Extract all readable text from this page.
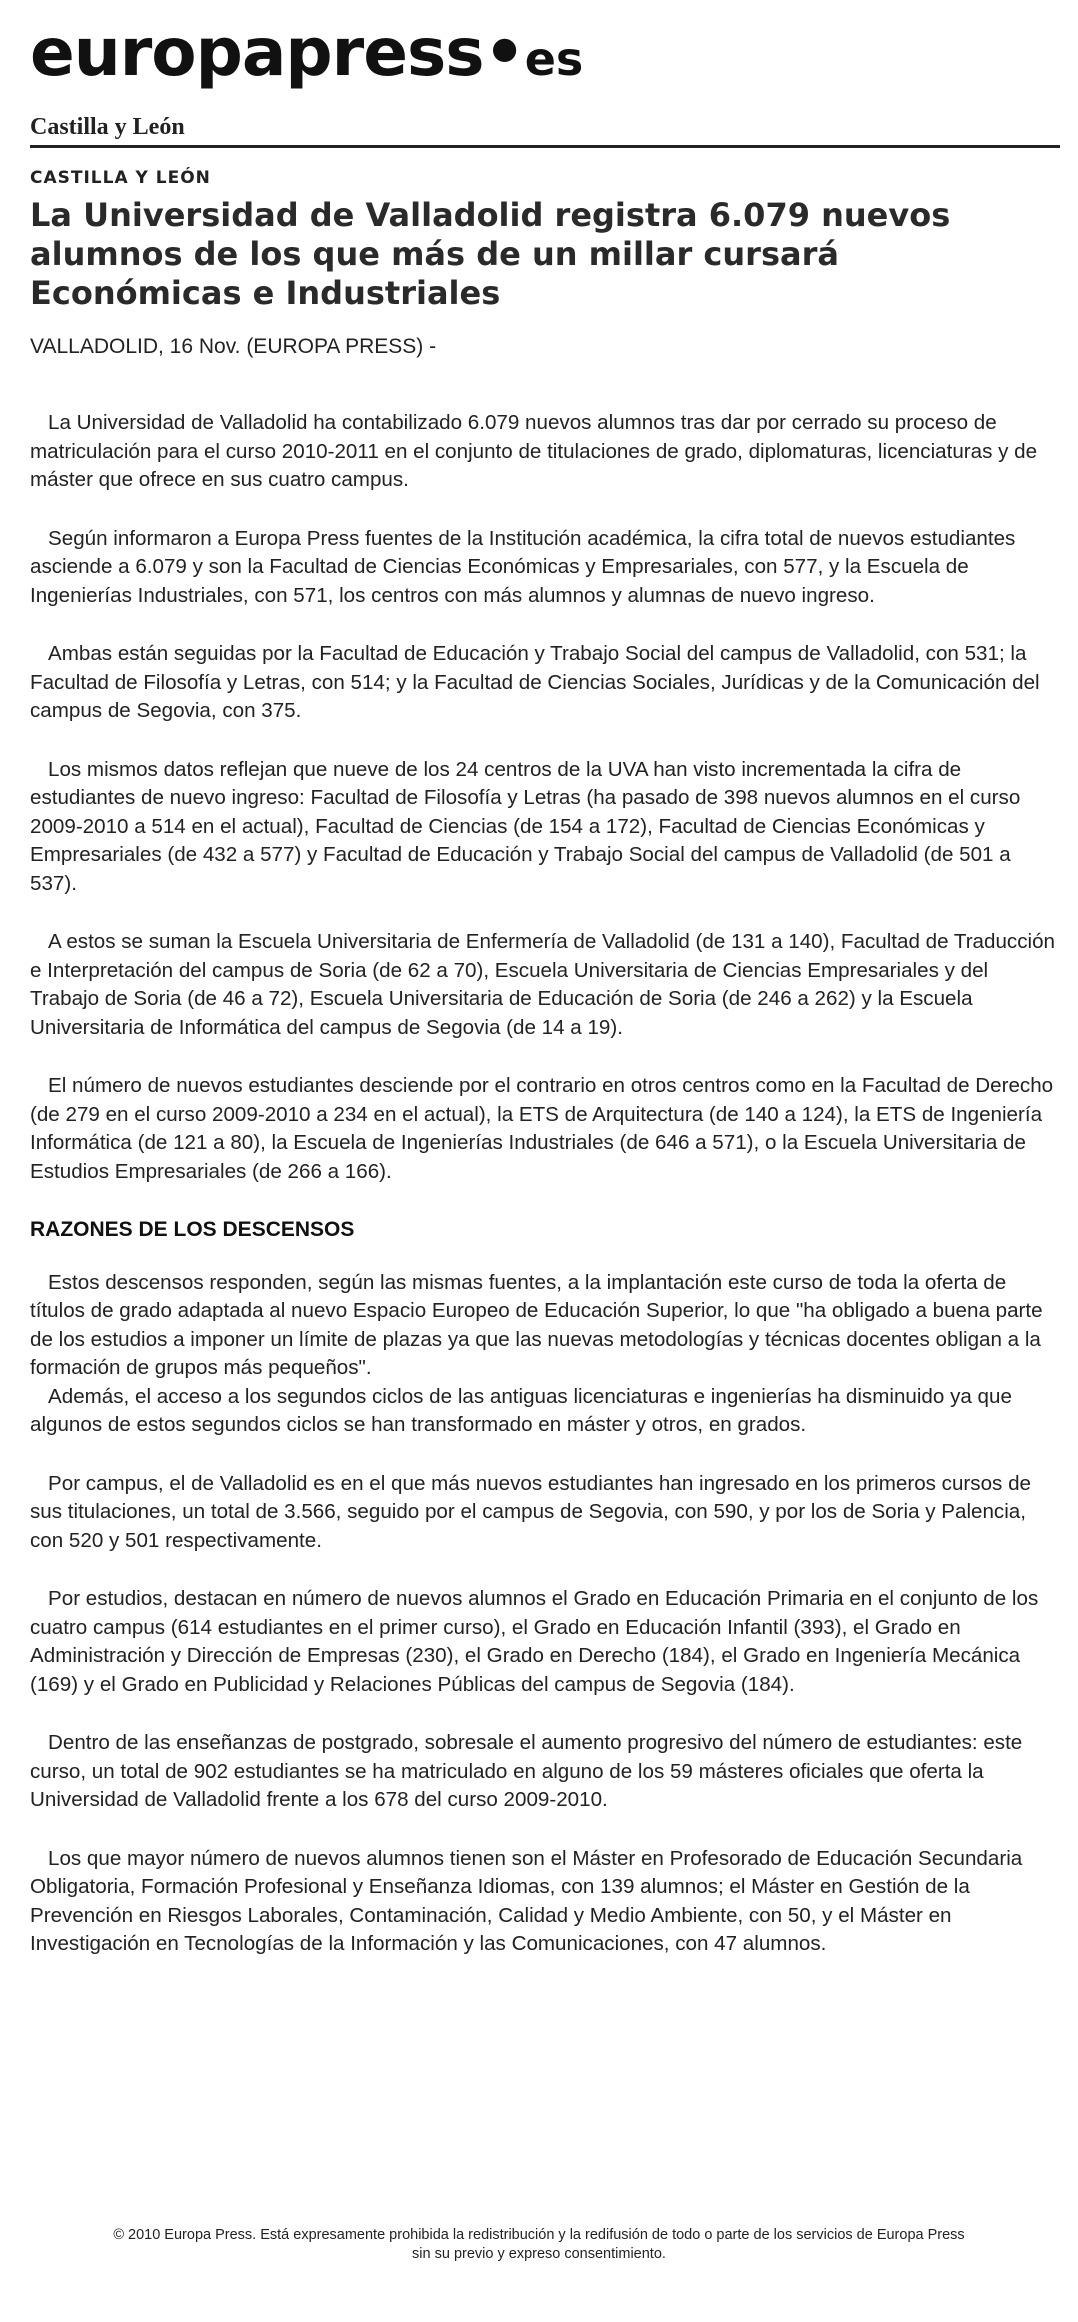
europapress•es
Castilla y León
CASTILLA Y LEÓN
La Universidad de Valladolid registra 6.079 nuevos alumnos de los que más de un millar cursará Económicas e Industriales
VALLADOLID, 16 Nov. (EUROPA PRESS) -

La Universidad de Valladolid ha contabilizado 6.079 nuevos alumnos tras dar por cerrado su proceso de matriculación para el curso 2010-2011 en el conjunto de titulaciones de grado, diplomaturas, licenciaturas y de máster que ofrece en sus cuatro campus.

Según informaron a Europa Press fuentes de la Institución académica, la cifra total de nuevos estudiantes asciende a 6.079 y son la Facultad de Ciencias Económicas y Empresariales, con 577, y la Escuela de Ingenierías Industriales, con 571, los centros con más alumnos y alumnas de nuevo ingreso.

Ambas están seguidas por la Facultad de Educación y Trabajo Social del campus de Valladolid, con 531; la Facultad de Filosofía y Letras, con 514; y la Facultad de Ciencias Sociales, Jurídicas y de la Comunicación del campus de Segovia, con 375.

Los mismos datos reflejan que nueve de los 24 centros de la UVA han visto incrementada la cifra de estudiantes de nuevo ingreso: Facultad de Filosofía y Letras (ha pasado de 398 nuevos alumnos en el curso 2009-2010 a 514 en el actual), Facultad de Ciencias (de 154 a 172), Facultad de Ciencias Económicas y Empresariales (de 432 a 577) y Facultad de Educación y Trabajo Social del campus de Valladolid (de 501 a 537).

A estos se suman la Escuela Universitaria de Enfermería de Valladolid (de 131 a 140), Facultad de Traducción e Interpretación del campus de Soria (de 62 a 70), Escuela Universitaria de Ciencias Empresariales y del Trabajo de Soria (de 46 a 72), Escuela Universitaria de Educación de Soria (de 246 a 262) y la Escuela Universitaria de Informática del campus de Segovia (de 14 a 19).

El número de nuevos estudiantes desciende por el contrario en otros centros como en la Facultad de Derecho (de 279 en el curso 2009-2010 a 234 en el actual), la ETS de Arquitectura (de 140 a 124), la ETS de Ingeniería Informática (de 121 a 80), la Escuela de Ingenierías Industriales (de 646 a 571), o la Escuela Universitaria de Estudios Empresariales (de 266 a 166).

RAZONES DE LOS DESCENSOS

Estos descensos responden, según las mismas fuentes, a la implantación este curso de toda la oferta de títulos de grado adaptada al nuevo Espacio Europeo de Educación Superior, lo que "ha obligado a buena parte de los estudios a imponer un límite de plazas ya que las nuevas metodologías y técnicas docentes obligan a la formación de grupos más pequeños".

Además, el acceso a los segundos ciclos de las antiguas licenciaturas e ingenierías ha disminuido ya que algunos de estos segundos ciclos se han transformado en máster y otros, en grados.

Por campus, el de Valladolid es en el que más nuevos estudiantes han ingresado en los primeros cursos de sus titulaciones, un total de 3.566, seguido por el campus de Segovia, con 590, y por los de Soria y Palencia, con 520 y 501 respectivamente.

Por estudios, destacan en número de nuevos alumnos el Grado en Educación Primaria en el conjunto de los cuatro campus (614 estudiantes en el primer curso), el Grado en Educación Infantil (393), el Grado en Administración y Dirección de Empresas (230), el Grado en Derecho (184), el Grado en Ingeniería Mecánica (169) y el Grado en Publicidad y Relaciones Públicas del campus de Segovia (184).

Dentro de las enseñanzas de postgrado, sobresale el aumento progresivo del número de estudiantes: este curso, un total de 902 estudiantes se ha matriculado en alguno de los 59 másteres oficiales que oferta la Universidad de Valladolid frente a los 678 del curso 2009-2010.

Los que mayor número de nuevos alumnos tienen son el Máster en Profesorado de Educación Secundaria Obligatoria, Formación Profesional y Enseñanza Idiomas, con 139 alumnos; el Máster en Gestión de la Prevención en Riesgos Laborales, Contaminación, Calidad y Medio Ambiente, con 50, y el Máster en Investigación en Tecnologías de la Información y las Comunicaciones, con 47 alumnos.

© 2010 Europa Press. Está expresamente prohibida la redistribución y la redifusión de todo o parte de los servicios de Europa Press
sin su previo y expreso consentimiento.
